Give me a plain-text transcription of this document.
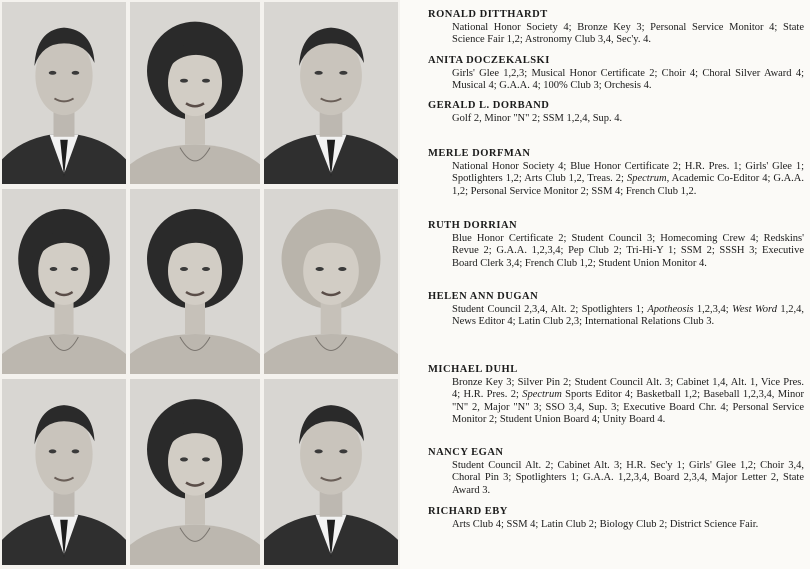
RONALD DITTHARDT
National Honor Society 4; Bronze Key 3; Personal Service Monitor 4; State Science Fair 1,2; Astronomy Club 3,4, Sec'y. 4.
ANITA DOCZEKALSKI
Girls' Glee 1,2,3; Musical Honor Certificate 2; Choir 4; Choral Silver Award 4; Musical 4; G.A.A. 4; 100% Club 3; Orchesis 4.
GERALD L. DORBAND
Golf 2, Minor "N" 2; SSM 1,2,4, Sup. 4.
MERLE DORFMAN
National Honor Society 4; Blue Honor Certificate 2; H.R. Pres. 1; Girls' Glee 1; Spotlighters 1,2; Arts Club 1,2, Treas. 2; Spectrum, Academic Co-Editor 4; G.A.A. 1,2; Personal Service Monitor 2; SSM 4; French Club 1,2.
RUTH DORRIAN
Blue Honor Certificate 2; Student Council 3; Homecoming Crew 4; Redskins' Revue 2; G.A.A. 1,2,3,4; Pep Club 2; Tri-Hi-Y 1; SSM 2; SSSH 3; Executive Board Clerk 3,4; French Club 1,2; Student Union Monitor 4.
HELEN ANN DUGAN
Student Council 2,3,4, Alt. 2; Spotlighters 1; Apotheosis 1,2,3,4; West Word 1,2,4, News Editor 4; Latin Club 2,3; International Relations Club 3.
MICHAEL DUHL
Bronze Key 3; Silver Pin 2; Student Council Alt. 3; Cabinet 1,4, Alt. 1, Vice Pres. 4; H.R. Pres. 2; Spectrum Sports Editor 4; Basketball 1,2; Baseball 1,2,3,4, Minor "N" 2, Major "N" 3; SSO 3,4, Sup. 3; Executive Board Chr. 4; Personal Service Monitor 2; Student Union Board 4; Unity Board 4.
NANCY EGAN
Student Council Alt. 2; Cabinet Alt. 3; H.R. Sec'y 1; Girls' Glee 1,2; Choir 3,4, Choral Pin 3; Spotlighters 1; G.A.A. 1,2,3,4, Board 2,3,4, Major Letter 2, State Award 3.
RICHARD EBY
Arts Club 4; SSM 4; Latin Club 2; Biology Club 2; District Science Fair.
